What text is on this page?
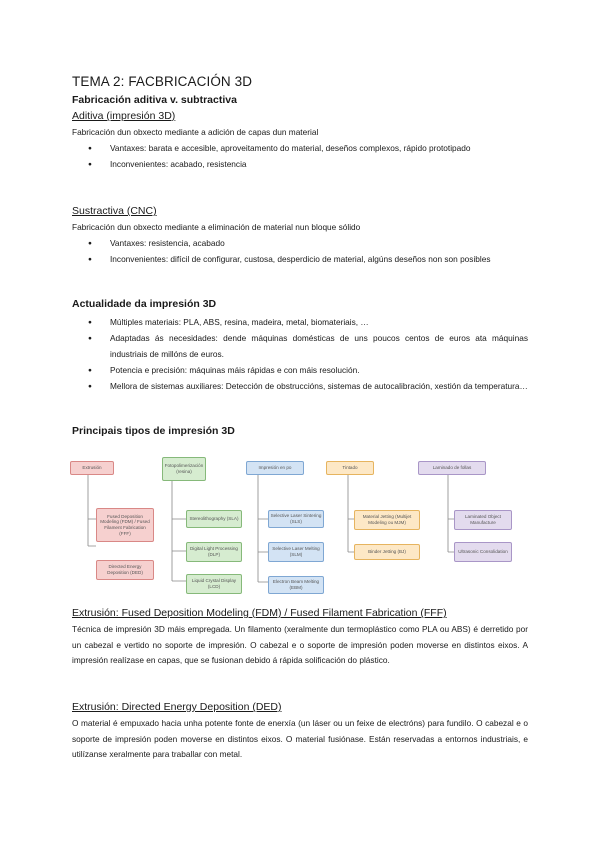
TEMA 2: FACBRICACIÓN 3D
Fabricación aditiva v. subtractiva
Aditiva (impresión 3D)
Fabricación dun obxecto mediante a adición de capas dun material
● Vantaxes: barata e accesible, aproveitamento do material, deseños complexos, rápido prototipado
● Inconvenientes: acabado, resistencia
Sustractiva (CNC)
Fabricación dun obxecto mediante a eliminación de material nun bloque sólido
● Vantaxes: resistencia, acabado
● Inconvenientes: difícil de configurar, custosa, desperdicio de material, algúns deseños non son posibles
Actualidade da impresión 3D
● Múltiples materiais: PLA, ABS, resina, madeira, metal, biomateriais, …
● Adaptadas ás necesidades: dende máquinas domésticas de uns poucos centos de euros ata máquinas industriais de millóns de euros.
● Potencia e precisión: máquinas máis rápidas e con máis resolución.
● Mellora de sistemas auxiliares: Detección de obstruccións, sistemas de autocalibración, xestión da temperatura…
Principais tipos de impresión 3D
Extrusión	Fotopolimerización (resina)
Impresión en po	Tintado	Laminado de follas
Fused Deposition Modeling (FDM) / Fused Filament Fabrication (FFF)
Directed Energy Deposition (DED)
Stereolithography (SLA)
Digital Light Processing (DLP)
Liquid Crystal Display (LCD)
Selective Laser Sintering (SLS)
Selective Laser Melting (SLM)
Electron Beam Melting (EBM)
Material Jetting (Multijet Modeling ou MJM)
Binder Jetting (BJ)
Laminated Object Manufacture
Ultrasonic Consolidation
Extrusión: Fused Deposition Modeling (FDM) / Fused Filament Fabrication (FFF)
Técnica de impresión 3D máis empregada. Un filamento (xeralmente dun termoplástico como PLA ou ABS) é derretido por un cabezal e vertido no soporte de impresión. O cabezal e o soporte de impresión poden moverse en distintos eixos. A impresión realízase en capas, que se fusionan debido á rápida solificación do plástico.
Extrusión: Directed Energy Deposition (DED)
O material é empuxado hacia unha potente fonte de enerxía (un láser ou un feixe de electróns) para fundilo. O cabezal e o soporte de impresión poden moverse en distintos eixos. O material fusiónase. Están reservadas a entornos industriais, e utilízanse xeralmente para traballar con metal.
